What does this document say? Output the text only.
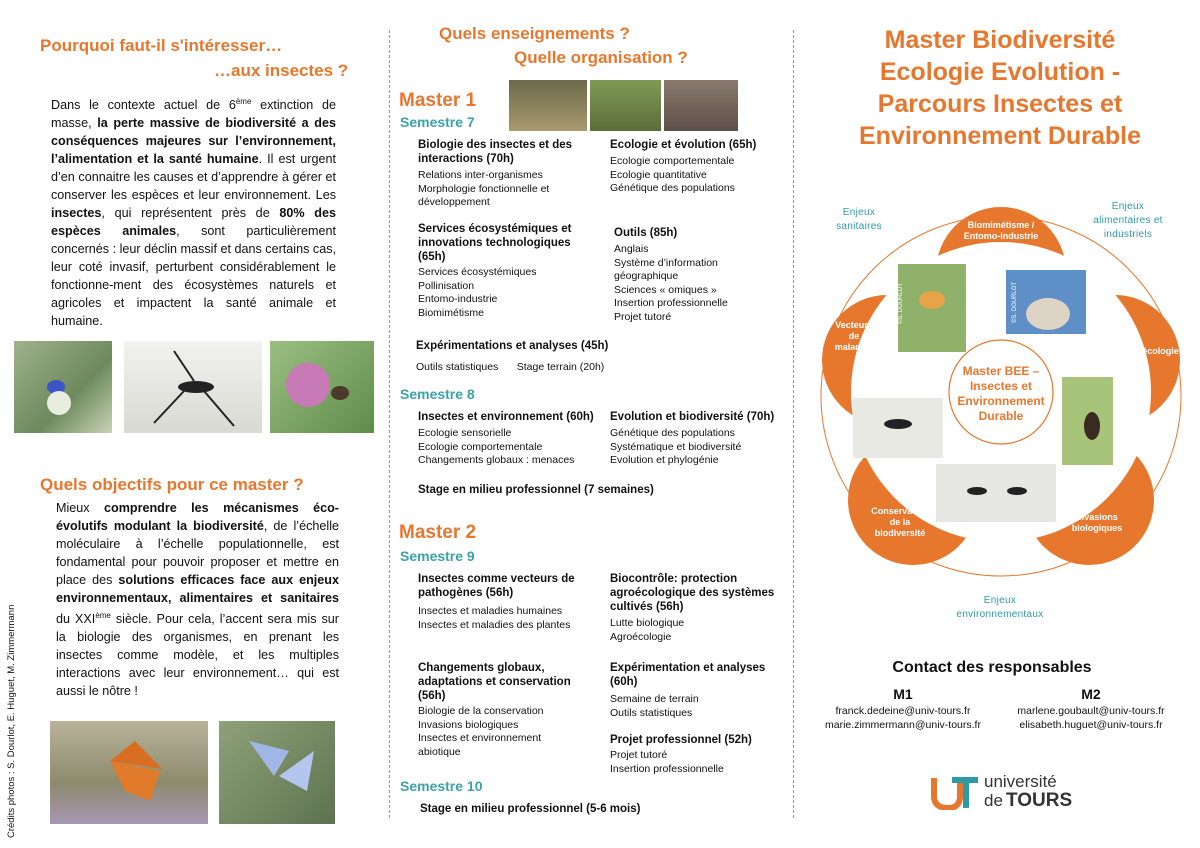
Pourquoi faut-il s'intéresser…
…aux insectes ?
Dans le contexte actuel de 6ème extinction de masse, la perte massive de biodiversité a des conséquences majeures sur l’environnement, l’alimentation et la santé humaine. Il est urgent d’en connaitre les causes et d’apprendre à gérer et conserver les espèces et leur environnement. Les insectes, qui représentent près de 80% des espèces animales, sont particulièrement concernés : leur déclin massif et dans certains cas, leur coté invasif, perturbent considérablement le fonctionne-ment des écosystèmes naturels et agricoles et impactent la santé animale et humaine.
Quels objectifs pour ce master ?
Mieux comprendre les mécanismes éco-évolutifs modulant la biodiversité, de l’échelle moléculaire à l’échelle populationnelle, est fondamental pour pouvoir proposer et mettre en place des solutions efficaces face aux enjeux environnementaux, alimentaires et sanitaires du XXIème siècle. Pour cela, l’accent sera mis sur la biologie des organismes, en prenant les insectes comme modèle, et les multiples interactions avec leur environnement… qui est aussi le nôtre !
Crédits photos : S. Dourlot, E. Huguet, M. Zimmermann
Quels enseignements ?
Quelle organisation ?
Master 1
Semestre 7
Biologie des insectes et des interactions (70h)
Relations inter-organismes
Morphologie fonctionnelle et développement
Ecologie et évolution (65h)
Ecologie comportementale
Ecologie quantitative
Génétique des populations
Services écosystémiques et innovations technologiques (65h)
Services écosystémiques
Pollinisation
Entomo-industrie
Biomimétisme
Outils (85h)
Anglais
Système d’information géographique
Sciences « omiques »
Insertion professionnelle
Projet tutoré
Expérimentations et analyses (45h)
Outils statistiques Stage terrain (20h)
Semestre 8
Insectes et environnement (60h)
Ecologie sensorielle
Ecologie comportementale
Changements globaux : menaces
Evolution et biodiversité (70h)
Génétique des populations
Systématique et biodiversité
Evolution et phylogénie
Stage en milieu professionnel (7 semaines)
Master 2
Semestre 9
Insectes comme vecteurs de pathogènes (56h)
Insectes et maladies humaines
Insectes et maladies des plantes
Biocontrôle: protection agroécologique des systèmes cultivés (56h)
Lutte biologique
Agroécologie
Changements globaux, adaptations et conservation (56h)
Biologie de la conservation
Invasions biologiques
Insectes et environnement abiotique
Expérimentation et analyses (60h)
Semaine de terrain
Outils statistiques
Projet professionnel (52h)
Projet tutoré
Insertion professionnelle
Semestre 10
Stage en milieu professionnel (5-6 mois)
Master Biodiversité
Ecologie Evolution -
Parcours Insectes et
Environnement Durable
©S. DOURLOT	©S. DOURLOT
Biomimétisme /
Entomo-industrie
Vecteurs
de
maladies	Agroécologie
Conservation
de la
biodiversité
Invasions
biologiques
Master BEE –
Insectes et
Environnement
Durable
Enjeux
sanitaires
Enjeux
alimentaires et
industriels
Enjeux
environnementaux
Contact des responsables
M1
franck.dedeine@univ-tours.fr
marie.zimmermann@univ-tours.fr
M2
marlene.goubault@univ-tours.fr
elisabeth.huguet@univ-tours.fr
université
de TOURS
